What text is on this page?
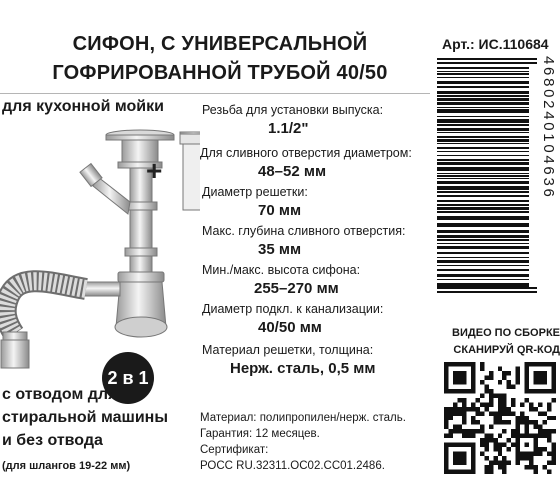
СИФОН, С УНИВЕРСАЛЬНОЙ
ГОФРИРОВАННОЙ ТРУБОЙ 40/50
Арт.: ИС.110684
для кухонной мойки
+
Резьба для установки выпуска:
1.1/2"
Для сливного отверстия диаметром:
48–52 мм
Диаметр решетки:
70 мм
Макс. глубина сливного отверстия:
35 мм
Мин./макс. высота сифона:
255–270 мм
Диаметр подкл. к канализации:
40/50 мм
Материал решетки, толщина:
Нерж. сталь, 0,5 мм
2 в 1
с отводом для
стиральной машины
и без отвода
(для шлангов 19-22 мм)
Материал: полипропилен/нерж. сталь.
Гарантия: 12 месяцев.
Сертификат:
РОСС RU.32311.ОС02.СС01.2486.
4680240104636
ВИДЕО ПО СБОРКЕ
СКАНИРУЙ QR-КОД
